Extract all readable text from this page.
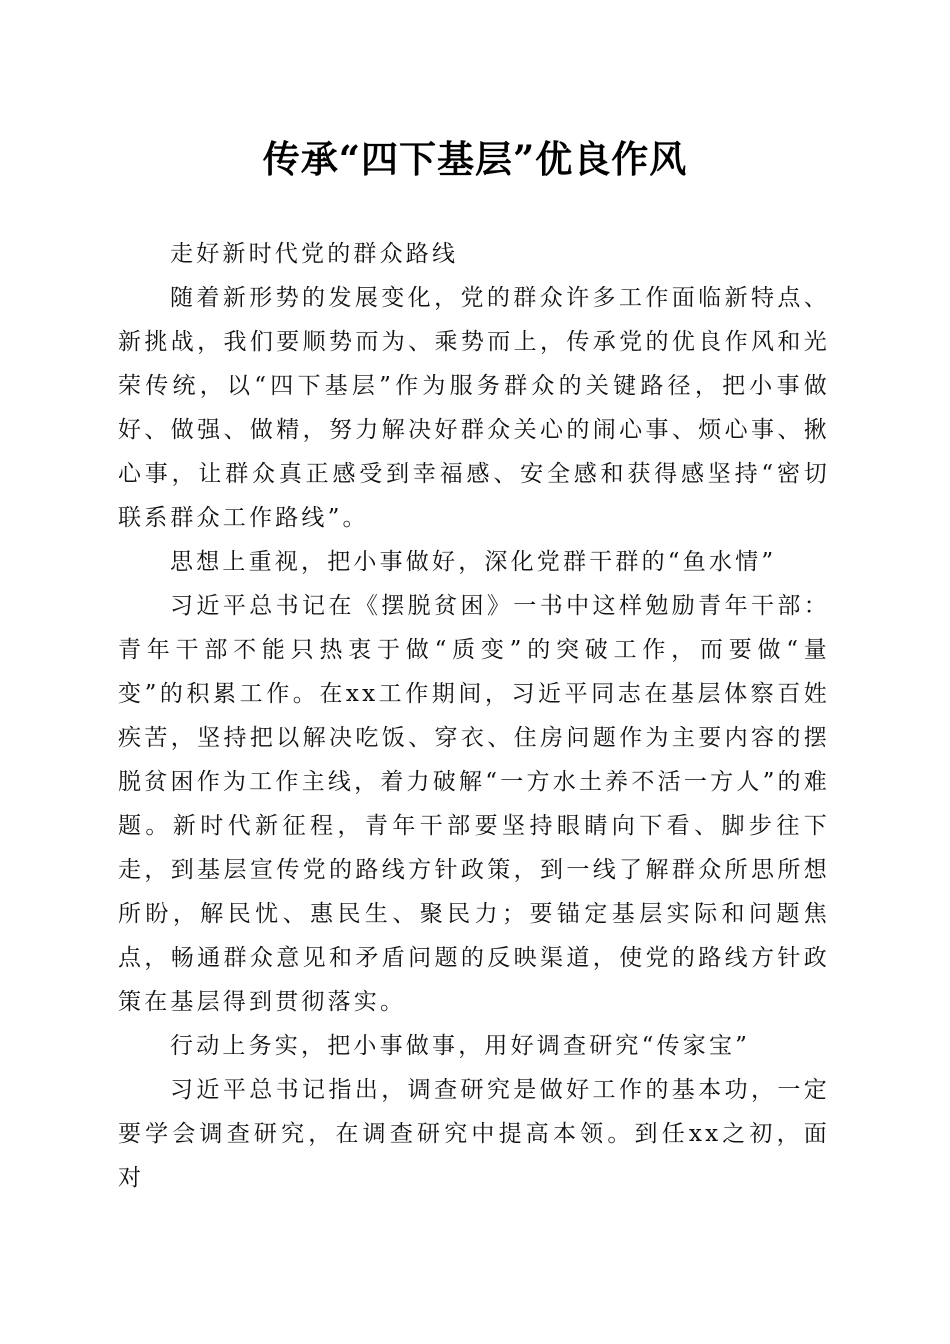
传承“四下基层”优良作风

走好新时代党的群众路线

随着新形势的发展变化，党的群众许多工作面临新特点、新挑战，我们要顺势而为、乘势而上，传承党的优良作风和光荣传统，以“四下基层”作为服务群众的关键路径，把小事做好、做强、做精，努力解决好群众关心的闹心事、烦心事、揪心事，让群众真正感受到幸福感、安全感和获得感坚持“密切联系群众工作路线”。

思想上重视，把小事做好，深化党群干群的“鱼水情”

习近平总书记在《摆脱贫困》一书中这样勉励青年干部：青年干部不能只热衷于做“质变”的突破工作，而要做“量变”的积累工作。在xx工作期间，习近平同志在基层体察百姓疾苦，坚持把以解决吃饭、穿衣、住房问题作为主要内容的摆脱贫困作为工作主线，着力破解“一方水土养不活一方人”的难题。新时代新征程，青年干部要坚持眼睛向下看、脚步往下走，到基层宣传党的路线方针政策，到一线了解群众所思所想所盼，解民忧、惠民生、聚民力；要锚定基层实际和问题焦点，畅通群众意见和矛盾问题的反映渠道，使党的路线方针政策在基层得到贯彻落实。

行动上务实，把小事做事，用好调查研究“传家宝”

习近平总书记指出，调查研究是做好工作的基本功，一定要学会调查研究，在调查研究中提高本领。到任xx之初，面对
